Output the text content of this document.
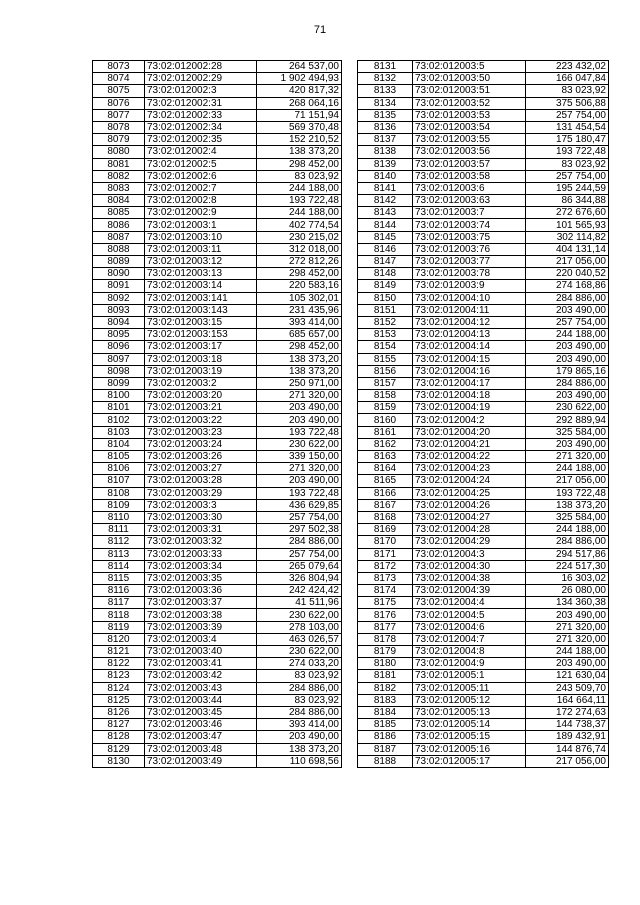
71
8073	73:02:012002:28	264 537,00
8074	73:02:012002:29	1 902 494,93
8075	73:02:012002:3	420 817,32
8076	73:02:012002:31	268 064,16
8077	73:02:012002:33	71 151,94
8078	73:02:012002:34	569 370,48
8079	73:02:012002:35	152 210,52
8080	73:02:012002:4	138 373,20
8081	73:02:012002:5	298 452,00
8082	73:02:012002:6	83 023,92
8083	73:02:012002:7	244 188,00
8084	73:02:012002:8	193 722,48
8085	73:02:012002:9	244 188,00
8086	73:02:012003:1	402 774,54
8087	73:02:012003:10	230 215,02
8088	73:02:012003:11	312 018,00
8089	73:02:012003:12	272 812,26
8090	73:02:012003:13	298 452,00
8091	73:02:012003:14	220 583,16
8092	73:02:012003:141	105 302,01
8093	73:02:012003:143	231 435,96
8094	73:02:012003:15	393 414,00
8095	73:02:012003:153	685 657,00
8096	73:02:012003:17	298 452,00
8097	73:02:012003:18	138 373,20
8098	73:02:012003:19	138 373,20
8099	73:02:012003:2	250 971,00
8100	73:02:012003:20	271 320,00
8101	73:02:012003:21	203 490,00
8102	73:02:012003:22	203 490,00
8103	73:02:012003:23	193 722,48
8104	73:02:012003:24	230 622,00
8105	73:02:012003:26	339 150,00
8106	73:02:012003:27	271 320,00
8107	73:02:012003:28	203 490,00
8108	73:02:012003:29	193 722,48
8109	73:02:012003:3	436 629,85
8110	73:02:012003:30	257 754,00
8111	73:02:012003:31	297 502,38
8112	73:02:012003:32	284 886,00
8113	73:02:012003:33	257 754,00
8114	73:02:012003:34	265 079,64
8115	73:02:012003:35	326 804,94
8116	73:02:012003:36	242 424,42
8117	73:02:012003:37	41 511,96
8118	73:02:012003:38	230 622,00
8119	73:02:012003:39	278 103,00
8120	73:02:012003:4	463 026,57
8121	73:02:012003:40	230 622,00
8122	73:02:012003:41	274 033,20
8123	73:02:012003:42	83 023,92
8124	73:02:012003:43	284 886,00
8125	73:02:012003:44	83 023,92
8126	73:02:012003:45	284 886,00
8127	73:02:012003:46	393 414,00
8128	73:02:012003:47	203 490,00
8129	73:02:012003:48	138 373,20
8130	73:02:012003:49	110 698,56
8131	73:02:012003:5	223 432,02
8132	73:02:012003:50	166 047,84
8133	73:02:012003:51	83 023,92
8134	73:02:012003:52	375 506,88
8135	73:02:012003:53	257 754,00
8136	73:02:012003:54	131 454,54
8137	73:02:012003:55	175 180,47
8138	73:02:012003:56	193 722,48
8139	73:02:012003:57	83 023,92
8140	73:02:012003:58	257 754,00
8141	73:02:012003:6	195 244,59
8142	73:02:012003:63	86 344,88
8143	73:02:012003:7	272 676,60
8144	73:02:012003:74	101 565,93
8145	73:02:012003:75	302 114,82
8146	73:02:012003:76	404 131,14
8147	73:02:012003:77	217 056,00
8148	73:02:012003:78	220 040,52
8149	73:02:012003:9	274 168,86
8150	73:02:012004:10	284 886,00
8151	73:02:012004:11	203 490,00
8152	73:02:012004:12	257 754,00
8153	73:02:012004:13	244 188,00
8154	73:02:012004:14	203 490,00
8155	73:02:012004:15	203 490,00
8156	73:02:012004:16	179 865,16
8157	73:02:012004:17	284 886,00
8158	73:02:012004:18	203 490,00
8159	73:02:012004:19	230 622,00
8160	73:02:012004:2	292 889,94
8161	73:02:012004:20	325 584,00
8162	73:02:012004:21	203 490,00
8163	73:02:012004:22	271 320,00
8164	73:02:012004:23	244 188,00
8165	73:02:012004:24	217 056,00
8166	73:02:012004:25	193 722,48
8167	73:02:012004:26	138 373,20
8168	73:02:012004:27	325 584,00
8169	73:02:012004:28	244 188,00
8170	73:02:012004:29	284 886,00
8171	73:02:012004:3	294 517,86
8172	73:02:012004:30	224 517,30
8173	73:02:012004:38	16 303,02
8174	73:02:012004:39	26 080,00
8175	73:02:012004:4	134 360,38
8176	73:02:012004:5	203 490,00
8177	73:02:012004:6	271 320,00
8178	73:02:012004:7	271 320,00
8179	73:02:012004:8	244 188,00
8180	73:02:012004:9	203 490,00
8181	73:02:012005:1	121 630,04
8182	73:02:012005:11	243 509,70
8183	73:02:012005:12	164 664,11
8184	73:02:012005:13	172 274,63
8185	73:02:012005:14	144 738,37
8186	73:02:012005:15	189 432,91
8187	73:02:012005:16	144 876,74
8188	73:02:012005:17	217 056,00
